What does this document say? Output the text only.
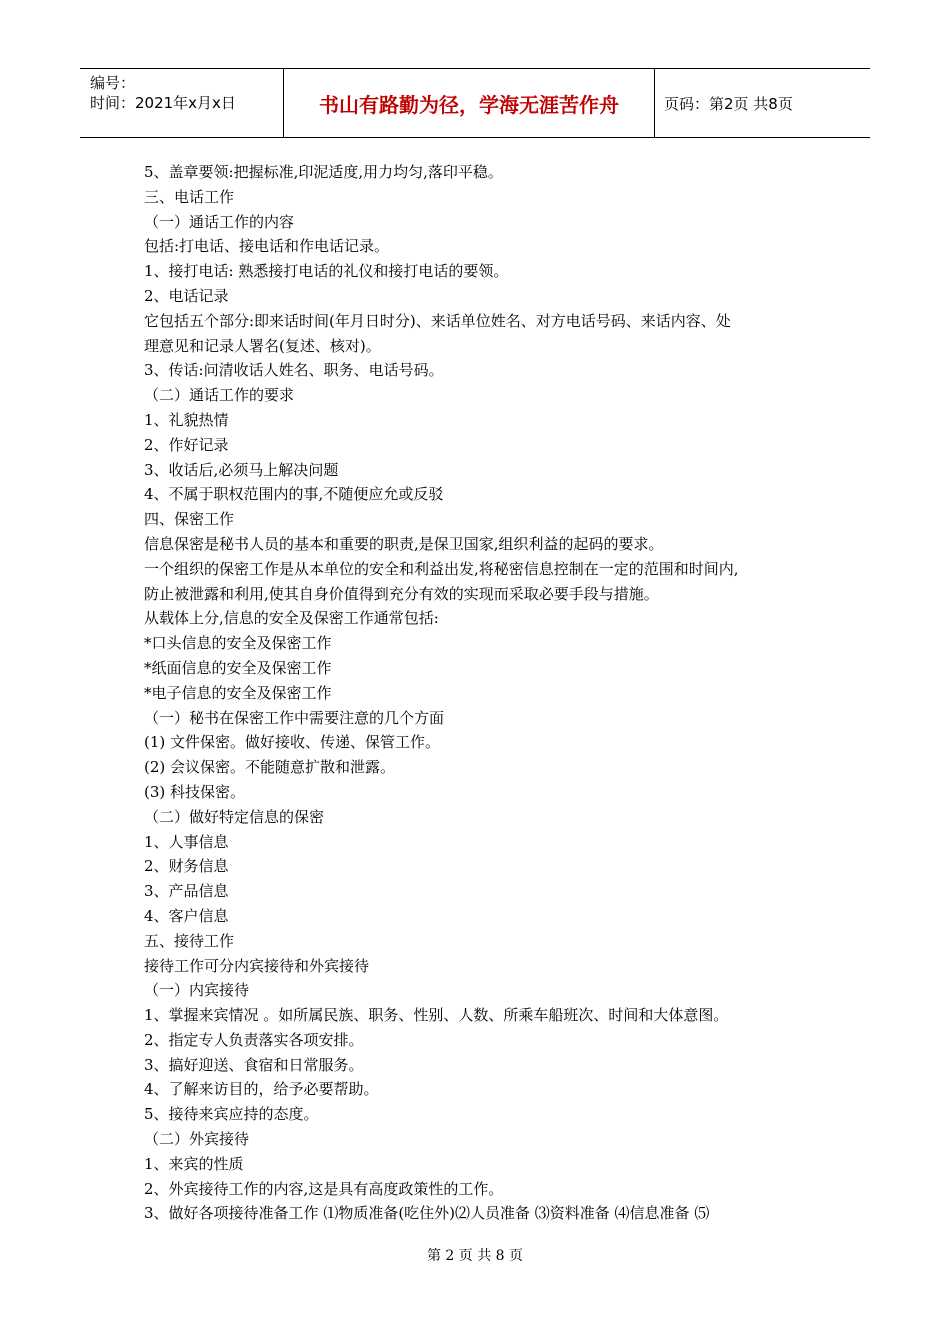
编号：
时间：2021年x月x日	书山有路勤为径，学海无涯苦作舟	页码：第2页 共8页
5、盖章要领:把握标准,印泥适度,用力均匀,落印平稳。
三、电话工作
（一）通话工作的内容
包括:打电话、接电话和作电话记录。
1、接打电话: 熟悉接打电话的礼仪和接打电话的要领。
2、电话记录
它包括五个部分:即来话时间(年月日时分)、来话单位姓名、对方电话号码、来话内容、处
理意见和记录人署名(复述、核对)。
3、传话:问清收话人姓名、职务、电话号码。
（二）通话工作的要求
1、礼貌热情
2、作好记录
3、收话后,必须马上解决问题
4、不属于职权范围内的事,不随便应允或反驳
四、保密工作
信息保密是秘书人员的基本和重要的职责,是保卫国家,组织利益的起码的要求。
一个组织的保密工作是从本单位的安全和利益出发,将秘密信息控制在一定的范围和时间内,
防止被泄露和利用,使其自身价值得到充分有效的实现而采取必要手段与措施。
从载体上分,信息的安全及保密工作通常包括:
*口头信息的安全及保密工作
*纸面信息的安全及保密工作
*电子信息的安全及保密工作
（一）秘书在保密工作中需要注意的几个方面
(1) 文件保密。做好接收、传递、保管工作。
(2) 会议保密。不能随意扩散和泄露。
(3) 科技保密。
（二）做好特定信息的保密
1、人事信息
2、财务信息
3、产品信息
4、客户信息
五、接待工作
接待工作可分内宾接待和外宾接待
（一）内宾接待
1、掌握来宾情况 。如所属民族、职务、性别、人数、所乘车船班次、时间和大体意图。
2、指定专人负责落实各项安排。
3、搞好迎送、食宿和日常服务。
4、了解来访目的，给予必要帮助。
5、接待来宾应持的态度。
（二）外宾接待
1、来宾的性质
2、外宾接待工作的内容,这是具有高度政策性的工作。
3、做好各项接待准备工作 ⑴物质准备(吃住外)⑵人员准备 ⑶资料准备 ⑷信息准备 ⑸
第 2 页 共 8 页
